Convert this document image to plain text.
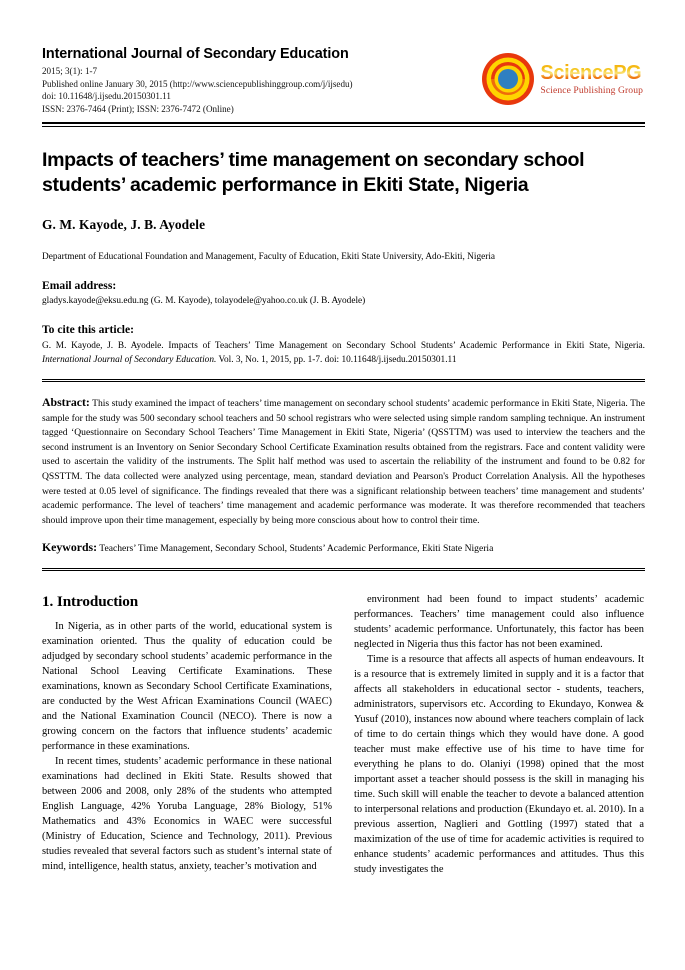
International Journal of Secondary Education
2015; 3(1): 1-7
Published online January 30, 2015 (http://www.sciencepublishinggroup.com/j/ijsedu)
doi: 10.11648/j.ijsedu.20150301.11
ISSN: 2376-7464 (Print); ISSN: 2376-7472 (Online)
SciencePG
Science Publishing Group
Impacts of teachers’ time management on secondary school students’ academic performance in Ekiti State, Nigeria
G. M. Kayode, J. B. Ayodele
Department of Educational Foundation and Management, Faculty of Education, Ekiti State University, Ado-Ekiti, Nigeria
Email address:
gladys.kayode@eksu.edu.ng (G. M. Kayode), tolayodele@yahoo.co.uk (J. B. Ayodele)
To cite this article:
G. M. Kayode, J. B. Ayodele. Impacts of Teachers’ Time Management on Secondary School Students’ Academic Performance in Ekiti State, Nigeria. International Journal of Secondary Education. Vol. 3, No. 1, 2015, pp. 1-7. doi: 10.11648/j.ijsedu.20150301.11

Abstract: This study examined the impact of teachers’ time management on secondary school students’ academic performance in Ekiti State, Nigeria. The sample for the study was 500 secondary school teachers and 50 school registrars who were selected using simple random sampling technique. An instrument tagged ‘Questionnaire on Secondary School Teachers’ Time Management in Ekiti State, Nigeria’ (QSSTTM) was used to interview the teachers and the second instrument is an Inventory on Senior Secondary School Certificate Examination results obtained from the registrars. Face and content validity were used to ascertain the validity of the instruments. The Split half method was used to ascertain the reliability of the instrument and found to be 0.82 for QSSTTM. The data collected were analyzed using percentage, mean, standard deviation and Pearson's Product Correlation Analysis. All the hypotheses were tested at 0.05 level of significance. The findings revealed that there was a significant relationship between teachers’ time management and students’ academic performance. The level of teachers’ time management and academic performance was moderate. It was therefore recommended that teachers should improve upon their time management, especially by being more conscious about how to control their time.

Keywords: Teachers’ Time Management, Secondary School, Students’ Academic Performance, Ekiti State Nigeria

1. Introduction

In Nigeria, as in other parts of the world, educational system is examination oriented. Thus the quality of education could be adjudged by secondary school students’ academic performance in the National School Leaving Certificate Examinations. These examinations, known as Secondary School Certificate Examinations, are conducted by the West African Examinations Council (WAEC) and the National Examination Council (NECO). There is now a growing concern on the factors that influence students’ academic performance in these examinations.

In recent times, students’ academic performance in these national examinations had declined in Ekiti State. Results showed that between 2006 and 2008, only 28% of the students who attempted English Language, 42% Yoruba Language, 28% Biology, 51% Mathematics and 43% Economics in WAEC were successful (Ministry of Education, Science and Technology, 2011). Previous studies revealed that several factors such as student’s internal state of mind, intelligence, health status, anxiety, teacher’s motivation and

environment had been found to impact students’ academic performances. Teachers’ time management could also influence students’ academic performance. Unfortunately, this factor has been neglected in Nigeria thus this factor has not been examined.

Time is a resource that affects all aspects of human endeavours. It is a resource that is extremely limited in supply and it is a factor that affects all stakeholders in educational sector - students, teachers, administrators, supervisors etc. According to Ekundayo, Konwea & Yusuf (2010), instances now abound where teachers complain of lack of time to do certain things which they would have done. A good teacher must make effective use of his time to have time for everything he plans to do. Olaniyi (1998) opined that the most important asset a teacher should possess is the skill in managing his time. Such skill will enable the teacher to devote a balanced attention to interpersonal relations and production (Ekundayo et. al. 2010). In a previous assertion, Naglieri and Gottling (1997) stated that a maximization of the use of time for academic activities is required to enhance students’ academic performances and attitudes. Thus this study investigates the
